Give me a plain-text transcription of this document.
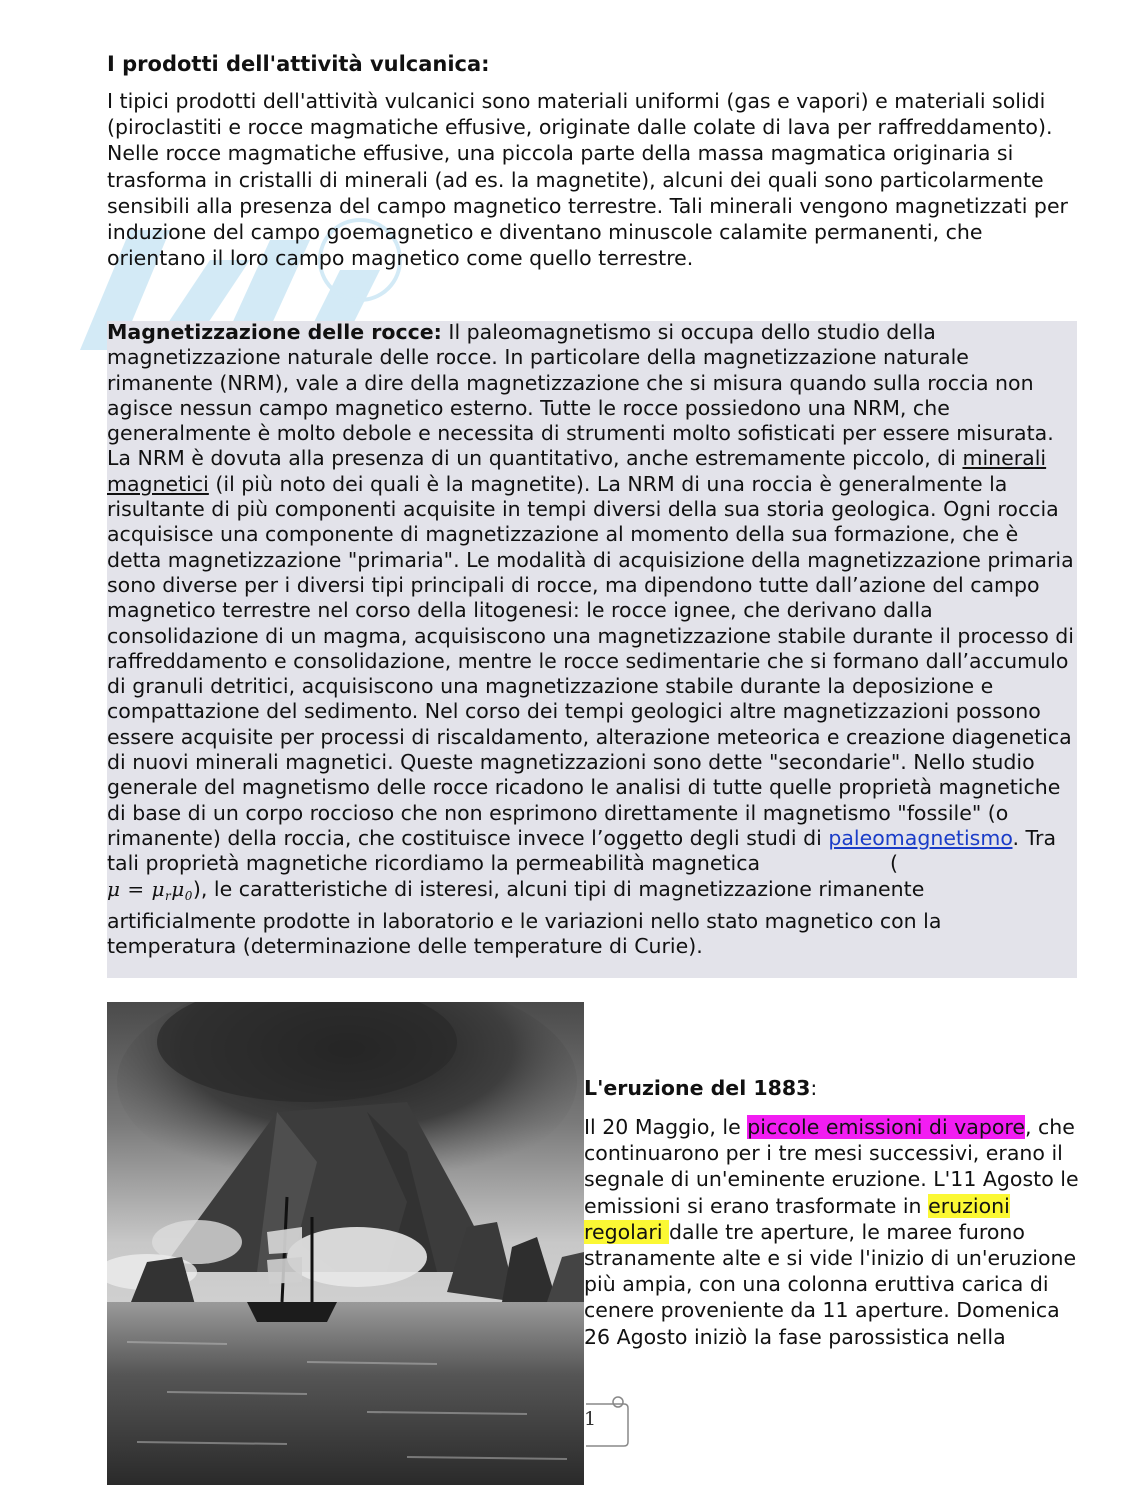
I prodotti dell'attività vulcanica:

I tipici prodotti dell'attività vulcanici sono materiali uniformi (gas e vapori) e materiali solidi (piroclastiti e rocce magmatiche effusive, originate dalle colate di lava per raffreddamento). Nelle rocce magmatiche effusive, una piccola parte della massa magmatica originaria si trasforma in cristalli di minerali (ad es. la magnetite), alcuni dei quali sono particolarmente sensibili alla presenza del campo magnetico terrestre. Tali minerali vengono magnetizzati per induzione del campo goemagnetico e diventano minuscole calamite permanenti, che orientano il loro campo magnetico come quello terrestre.

Magnetizzazione delle rocce: Il paleomagnetismo si occupa dello studio della magnetizzazione naturale delle rocce. In particolare della magnetizzazione naturale rimanente (NRM), vale a dire della magnetizzazione che si misura quando sulla roccia non agisce nessun campo magnetico esterno. Tutte le rocce possiedono una NRM, che generalmente è molto debole e necessita di strumenti molto sofisticati per essere misurata. La NRM è dovuta alla presenza di un quantitativo, anche estremamente piccolo, di minerali magnetici (il più noto dei quali è la magnetite). La NRM di una roccia è generalmente la risultante di più componenti acquisite in tempi diversi della sua storia geologica. Ogni roccia acquisisce una componente di magnetizzazione al momento della sua formazione, che è detta magnetizzazione "primaria". Le modalità di acquisizione della magnetizzazione primaria sono diverse per i diversi tipi principali di rocce, ma dipendono tutte dall’azione del campo magnetico terrestre nel corso della litogenesi: le rocce ignee, che derivano dalla consolidazione di un magma, acquisiscono una magnetizzazione stabile durante il processo di raffreddamento e consolidazione, mentre le rocce sedimentarie che si formano dall’accumulo di granuli detritici, acquisiscono una magnetizzazione stabile durante la deposizione e compattazione del sedimento. Nel corso dei tempi geologici altre magnetizzazioni possono essere acquisite per processi di riscaldamento, alterazione meteorica e creazione diagenetica di nuovi minerali magnetici. Queste magnetizzazioni sono dette "secondarie". Nello studio generale del magnetismo delle rocce ricadono le analisi di tutte quelle proprietà magnetiche di base di un corpo roccioso che non esprimono direttamente il magnetismo "fossile" (o rimanente) della roccia, che costituisce invece l’oggetto degli studi di paleomagnetismo. Tra tali proprietà magnetiche ricordiamo la permeabilità magnetica	(
$\mu = \mu_r\mu_0$), le caratteristiche di isteresi, alcuni tipi di magnetizzazione rimanente artificialmente prodotte in laboratorio e le variazioni nello stato magnetico con la temperatura (determinazione delle temperature di Curie).

L'eruzione del 1883:

Il 20 Maggio, le piccole emissioni di vapore, che continuarono per i tre mesi successivi, erano il segnale di un'eminente eruzione. L'11 Agosto le emissioni si erano trasformate in eruzioni regolari dalle tre aperture, le maree furono stranamente alte e si vide l'inizio di un'eruzione più ampia, con una colonna eruttiva carica di cenere proveniente da 11 aperture. Domenica 26 Agosto iniziò la fase parossistica nella

1
